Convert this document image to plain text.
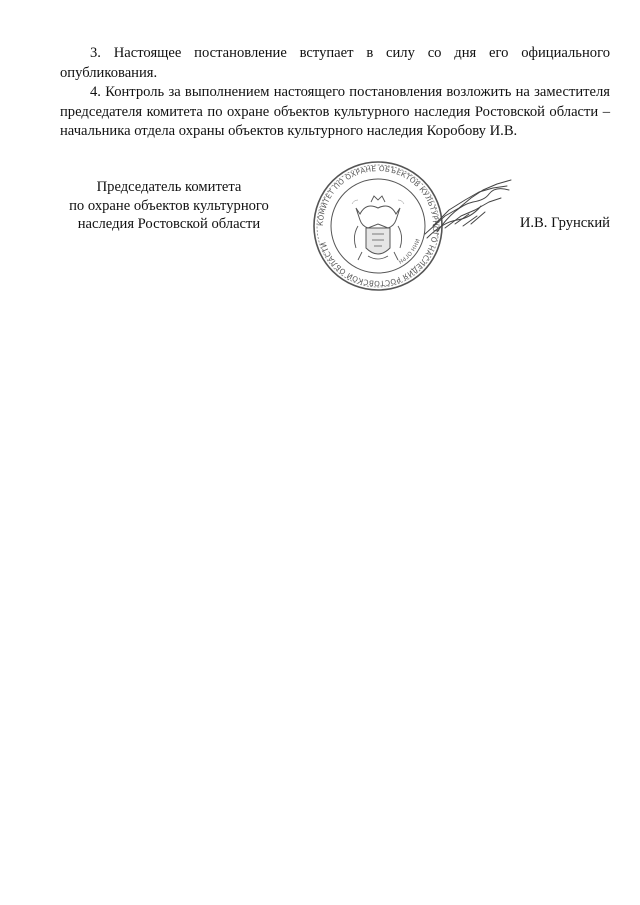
3. Настоящее постановление вступает в силу со дня его официального опубликования.

4. Контроль за выполнением настоящего постановления возложить на заместителя председателя комитета по охране объектов культурного наследия Ростовской области – начальника отдела охраны объектов культурного наследия Коробову И.В.

Председатель комитета
по охране объектов культурного
наследия Ростовской области	КОМИТЕТ ПО ОХРАНЕ ОБЪЕКТОВ КУЛЬТУРНОГО НАСЛЕДИЯ РОСТОВСКОЙ ОБЛАСТИ
ИНН ОГРН
И.В. Грунский
